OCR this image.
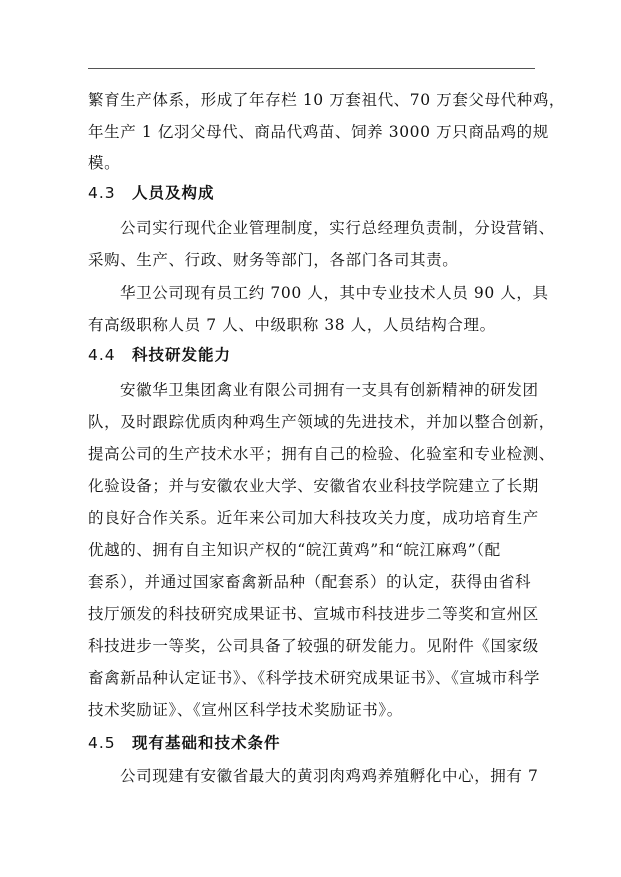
繁育生产体系，形成了年存栏 10 万套祖代、70 万套父母代种鸡，
年生产 1 亿羽父母代、商品代鸡苗、饲养 3000 万只商品鸡的规
模。
4.3 人员及构成
公司实行现代企业管理制度，实行总经理负责制，分设营销、
采购、生产、行政、财务等部门，各部门各司其责。
华卫公司现有员工约 700 人，其中专业技术人员 90 人，具
有高级职称人员 7 人、中级职称 38 人，人员结构合理。
4.4 科技研发能力
安徽华卫集团禽业有限公司拥有一支具有创新精神的研发团
队，及时跟踪优质肉种鸡生产领域的先进技术，并加以整合创新，
提高公司的生产技术水平；拥有自己的检验、化验室和专业检测、
化验设备；并与安徽农业大学、安徽省农业科技学院建立了长期
的良好合作关系。近年来公司加大科技攻关力度，成功培育生产
优越的、拥有自主知识产权的“皖江黄鸡”和“皖江麻鸡”（配
套系），并通过国家畜禽新品种（配套系）的认定，获得由省科
技厅颁发的科技研究成果证书、宣城市科技进步二等奖和宣州区
科技进步一等奖，公司具备了较强的研发能力。见附件《国家级
畜禽新品种认定证书》、《科学技术研究成果证书》、《宣城市科学
技术奖励证》、《宣州区科学技术奖励证书》。
4.5 现有基础和技术条件
公司现建有安徽省最大的黄羽肉鸡鸡养殖孵化中心，拥有 7
